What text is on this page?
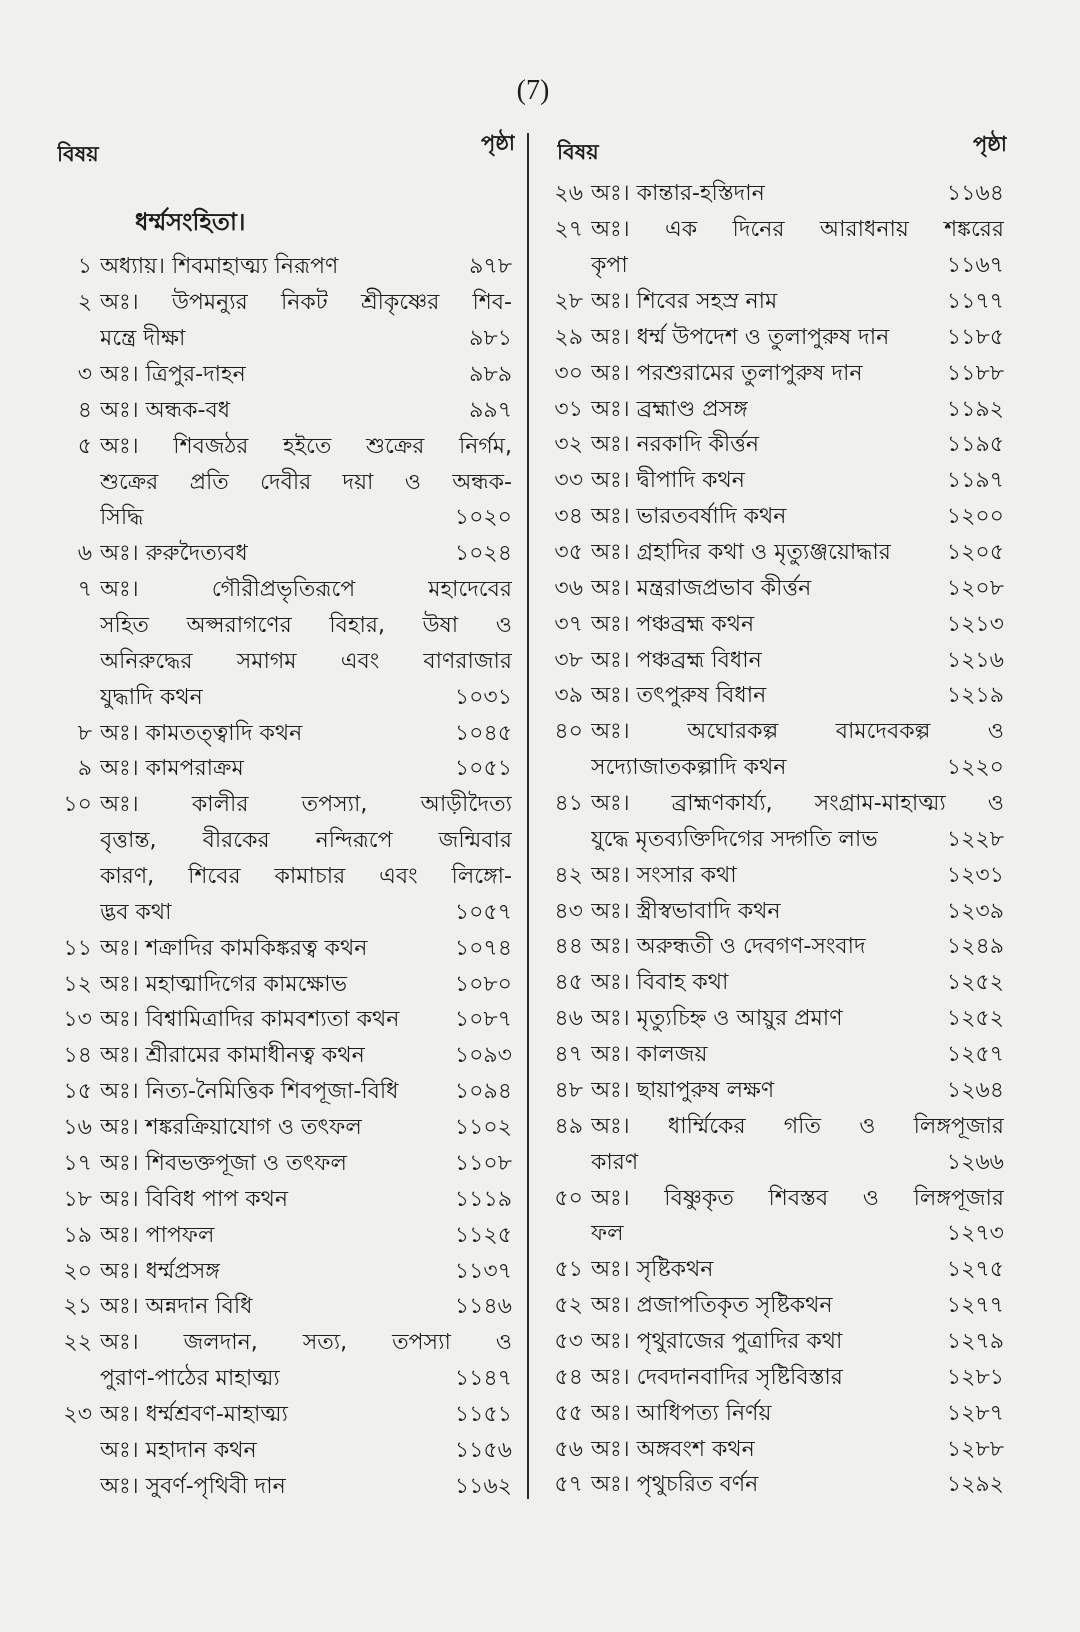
(7)
বিষয়	পৃষ্ঠা বিষয়	পৃষ্ঠা
ধর্ম্মসংহিতা।
১ অধ্যায়। শিবমাহাত্ম্য নিরূপণ	৯৭৮
২ অঃ। উপমন্যুর নিকট শ্রীকৃষ্ণের শিব-
মন্ত্রে দীক্ষা	৯৮১
৩ অঃ। ত্রিপুর-দাহন	৯৮৯
৪ অঃ। অন্ধক-বধ	৯৯৭
৫ অঃ। শিবজঠর হইতে শুক্রের নির্গম,
শুক্রের প্রতি দেবীর দয়া ও অন্ধক-
সিদ্ধি	১০২০
৬ অঃ। রুরুদৈত্যবধ	১০২৪
৭ অঃ। গৌরীপ্রভৃতিরূপে মহাদেবের
সহিত অপ্সরাগণের বিহার, উষা ও
অনিরুদ্ধের সমাগম এবং বাণরাজার
যুদ্ধাদি কথন	১০৩১
৮ অঃ। কামতত্ত্বাদি কথন	১০৪৫
৯ অঃ। কামপরাক্রম	১০৫১
১০ অঃ। কালীর তপস্যা, আড়ীদৈত্য
বৃত্তান্ত, বীরকের নন্দিরূপে জন্মিবার
কারণ, শিবের কামাচার এবং লিঙ্গো-
দ্ভব কথা	১০৫৭
১১ অঃ। শক্রাদির কামকিঙ্করত্ব কথন	১০৭৪
১২ অঃ। মহাত্মাদিগের কামক্ষোভ	১০৮০
১৩ অঃ। বিশ্বামিত্রাদির কামবশ্যতা কথন	১০৮৭
১৪ অঃ। শ্রীরামের কামাধীনত্ব কথন	১০৯৩
১৫ অঃ। নিত্য-নৈমিত্তিক শিবপূজা-বিধি	১০৯৪
১৬ অঃ। শঙ্করক্রিয়াযোগ ও তৎফল	১১০২
১৭ অঃ। শিবভক্তপূজা ও তৎফল	১১০৮
১৮ অঃ। বিবিধ পাপ কথন	১১১৯
১৯ অঃ। পাপফল	১১২৫
২০ অঃ। ধর্ম্মপ্রসঙ্গ	১১৩৭
২১ অঃ। অন্নদান বিধি	১১৪৬
২২ অঃ। জলদান, সত্য, তপস্যা ও
পুরাণ-পাঠের মাহাত্ম্য	১১৪৭
২৩ অঃ। ধর্ম্মশ্রবণ-মাহাত্ম্য	১১৫১
অঃ। মহাদান কথন	১১৫৬
অঃ। সুবর্ণ-পৃথিবী দান	১১৬২
২৬ অঃ। কান্তার-হস্তিদান	১১৬৪
২৭ অঃ। এক দিনের আরাধনায় শঙ্করের
কৃপা	১১৬৭
২৮ অঃ। শিবের সহস্র নাম	১১৭৭
২৯ অঃ। ধর্ম্ম উপদেশ ও তুলাপুরুষ দান	১১৮৫
৩০ অঃ। পরশুরামের তুলাপুরুষ দান	১১৮৮
৩১ অঃ। ব্রহ্মাণ্ড প্রসঙ্গ	১১৯২
৩২ অঃ। নরকাদি কীর্ত্তন	১১৯৫
৩৩ অঃ। দ্বীপাদি কথন	১১৯৭
৩৪ অঃ। ভারতবর্ষাদি কথন	১২০০
৩৫ অঃ। গ্রহাদির কথা ও মৃত্যুঞ্জয়োদ্ধার	১২০৫
৩৬ অঃ। মন্ত্ররাজপ্রভাব কীর্ত্তন	১২০৮
৩৭ অঃ। পঞ্চব্রহ্ম কথন	১২১৩
৩৮ অঃ। পঞ্চব্রহ্ম বিধান	১২১৬
৩৯ অঃ। তৎপুরুষ বিধান	১২১৯
৪০ অঃ। অঘোরকল্প বামদেবকল্প ও
সদ্যোজাতকল্পাদি কথন	১২২০
৪১ অঃ। ব্রাহ্মণকার্য্য, সংগ্রাম-মাহাত্ম্য ও
যুদ্ধে মৃতব্যক্তিদিগের সদ্গতি লাভ	১২২৮
৪২ অঃ। সংসার কথা	১২৩১
৪৩ অঃ। স্ত্রীস্বভাবাদি কথন	১২৩৯
৪৪ অঃ। অরুন্ধতী ও দেবগণ-সংবাদ	১২৪৯
৪৫ অঃ। বিবাহ কথা	১২৫২
৪৬ অঃ। মৃত্যুচিহ্ন ও আয়ুর প্রমাণ	১২৫২
৪৭ অঃ। কালজয়	১২৫৭
৪৮ অঃ। ছায়াপুরুষ লক্ষণ	১২৬৪
৪৯ অঃ। ধার্ম্মিকের গতি ও লিঙ্গপূজার
কারণ	১২৬৬
৫০ অঃ। বিষ্ণুকৃত শিবস্তব ও লিঙ্গপূজার
ফল	১২৭৩
৫১ অঃ। সৃষ্টিকথন	১২৭৫
৫২ অঃ। প্রজাপতিকৃত সৃষ্টিকথন	১২৭৭
৫৩ অঃ। পৃথুরাজের পুত্রাদির কথা	১২৭৯
৫৪ অঃ। দেবদানবাদির সৃষ্টিবিস্তার	১২৮১
৫৫ অঃ। আধিপত্য নির্ণয়	১২৮৭
৫৬ অঃ। অঙ্গবংশ কথন	১২৮৮
৫৭ অঃ। পৃথুচরিত বর্ণন	১২৯২
